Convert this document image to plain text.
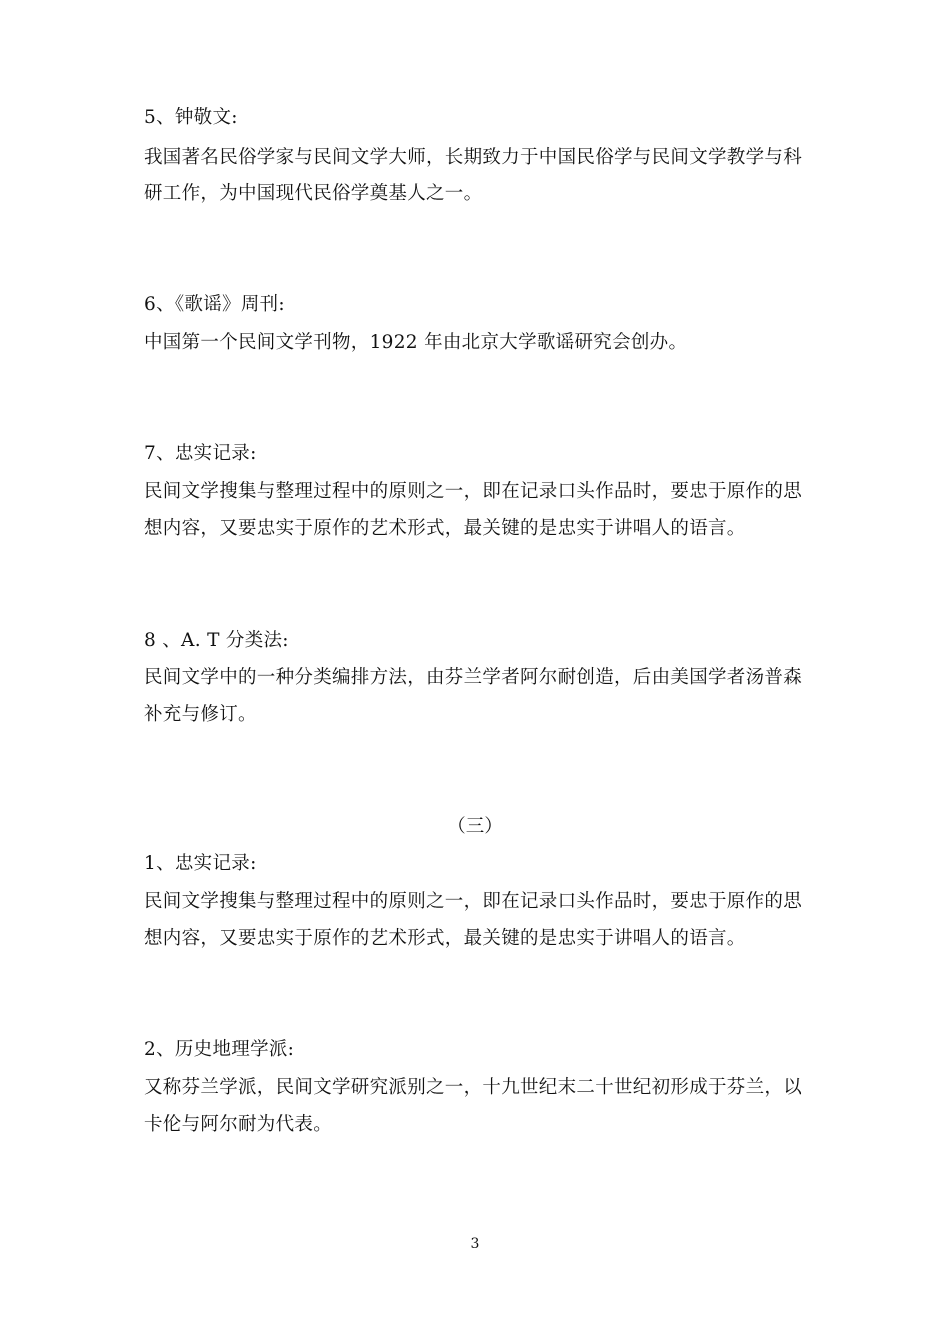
5、钟敬文:
我国著名民俗学家与民间文学大师，长期致力于中国民俗学与民间文学教学与科
研工作，为中国现代民俗学奠基人之一。
6、《歌谣》周刊:
中国第一个民间文学刊物，1922 年由北京大学歌谣研究会创办。
7、忠实记录:
民间文学搜集与整理过程中的原则之一，即在记录口头作品时，要忠于原作的思
想内容，又要忠实于原作的艺术形式，最关键的是忠实于讲唱人的语言。
8 、A. T 分类法:
民间文学中的一种分类编排方法，由芬兰学者阿尔耐创造，后由美国学者汤普森
补充与修订。
（三）
1、忠实记录:
民间文学搜集与整理过程中的原则之一，即在记录口头作品时，要忠于原作的思
想内容，又要忠实于原作的艺术形式，最关键的是忠实于讲唱人的语言。
2、历史地理学派:
又称芬兰学派，民间文学研究派别之一，十九世纪末二十世纪初形成于芬兰，以
卡伦与阿尔耐为代表。
3
